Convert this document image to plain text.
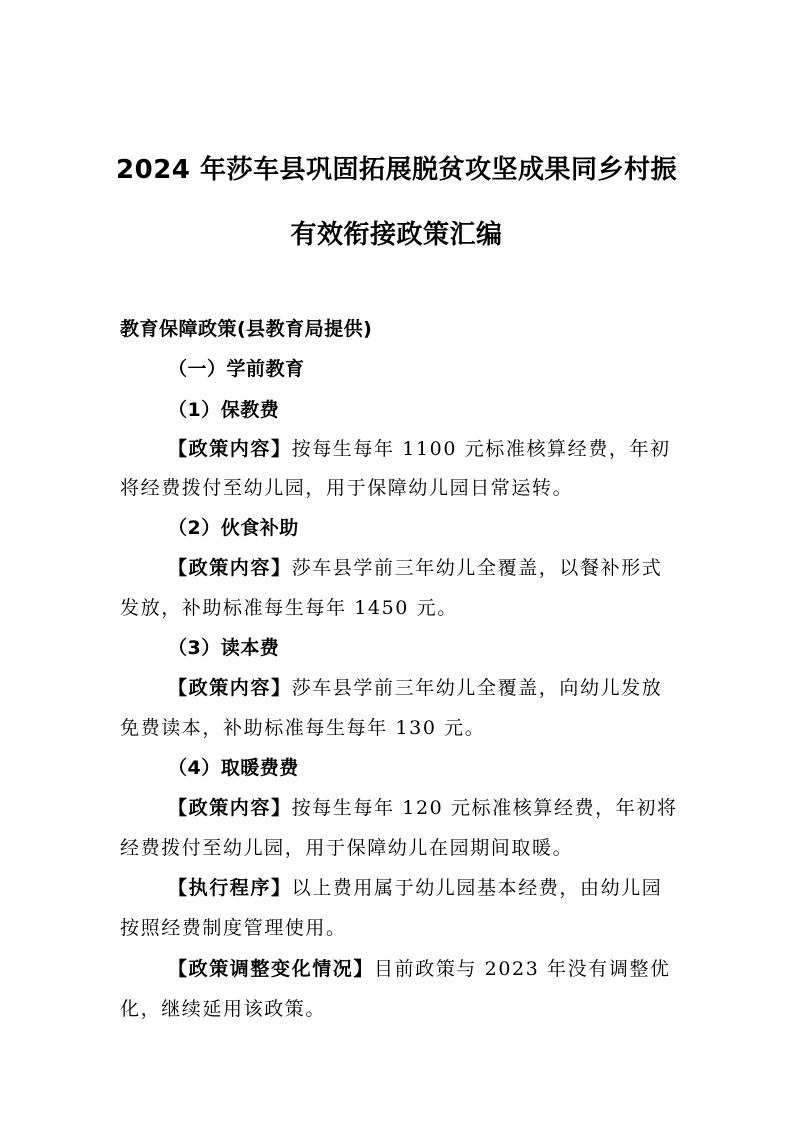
2024 年莎车县巩固拓展脱贫攻坚成果同乡村振
有效衔接政策汇编
教育保障政策(县教育局提供)
（一）学前教育
（1）保教费
【政策内容】按每生每年 1100 元标准核算经费，年初
将经费拨付至幼儿园，用于保障幼儿园日常运转。
（2）伙食补助
【政策内容】莎车县学前三年幼儿全覆盖，以餐补形式
发放，补助标准每生每年 1450 元。
（3）读本费
【政策内容】莎车县学前三年幼儿全覆盖，向幼儿发放
免费读本，补助标准每生每年 130 元。
（4）取暖费费
【政策内容】按每生每年 120 元标准核算经费，年初将
经费拨付至幼儿园，用于保障幼儿在园期间取暖。
【执行程序】以上费用属于幼儿园基本经费，由幼儿园
按照经费制度管理使用。
【政策调整变化情况】目前政策与 2023 年没有调整优
化，继续延用该政策。
